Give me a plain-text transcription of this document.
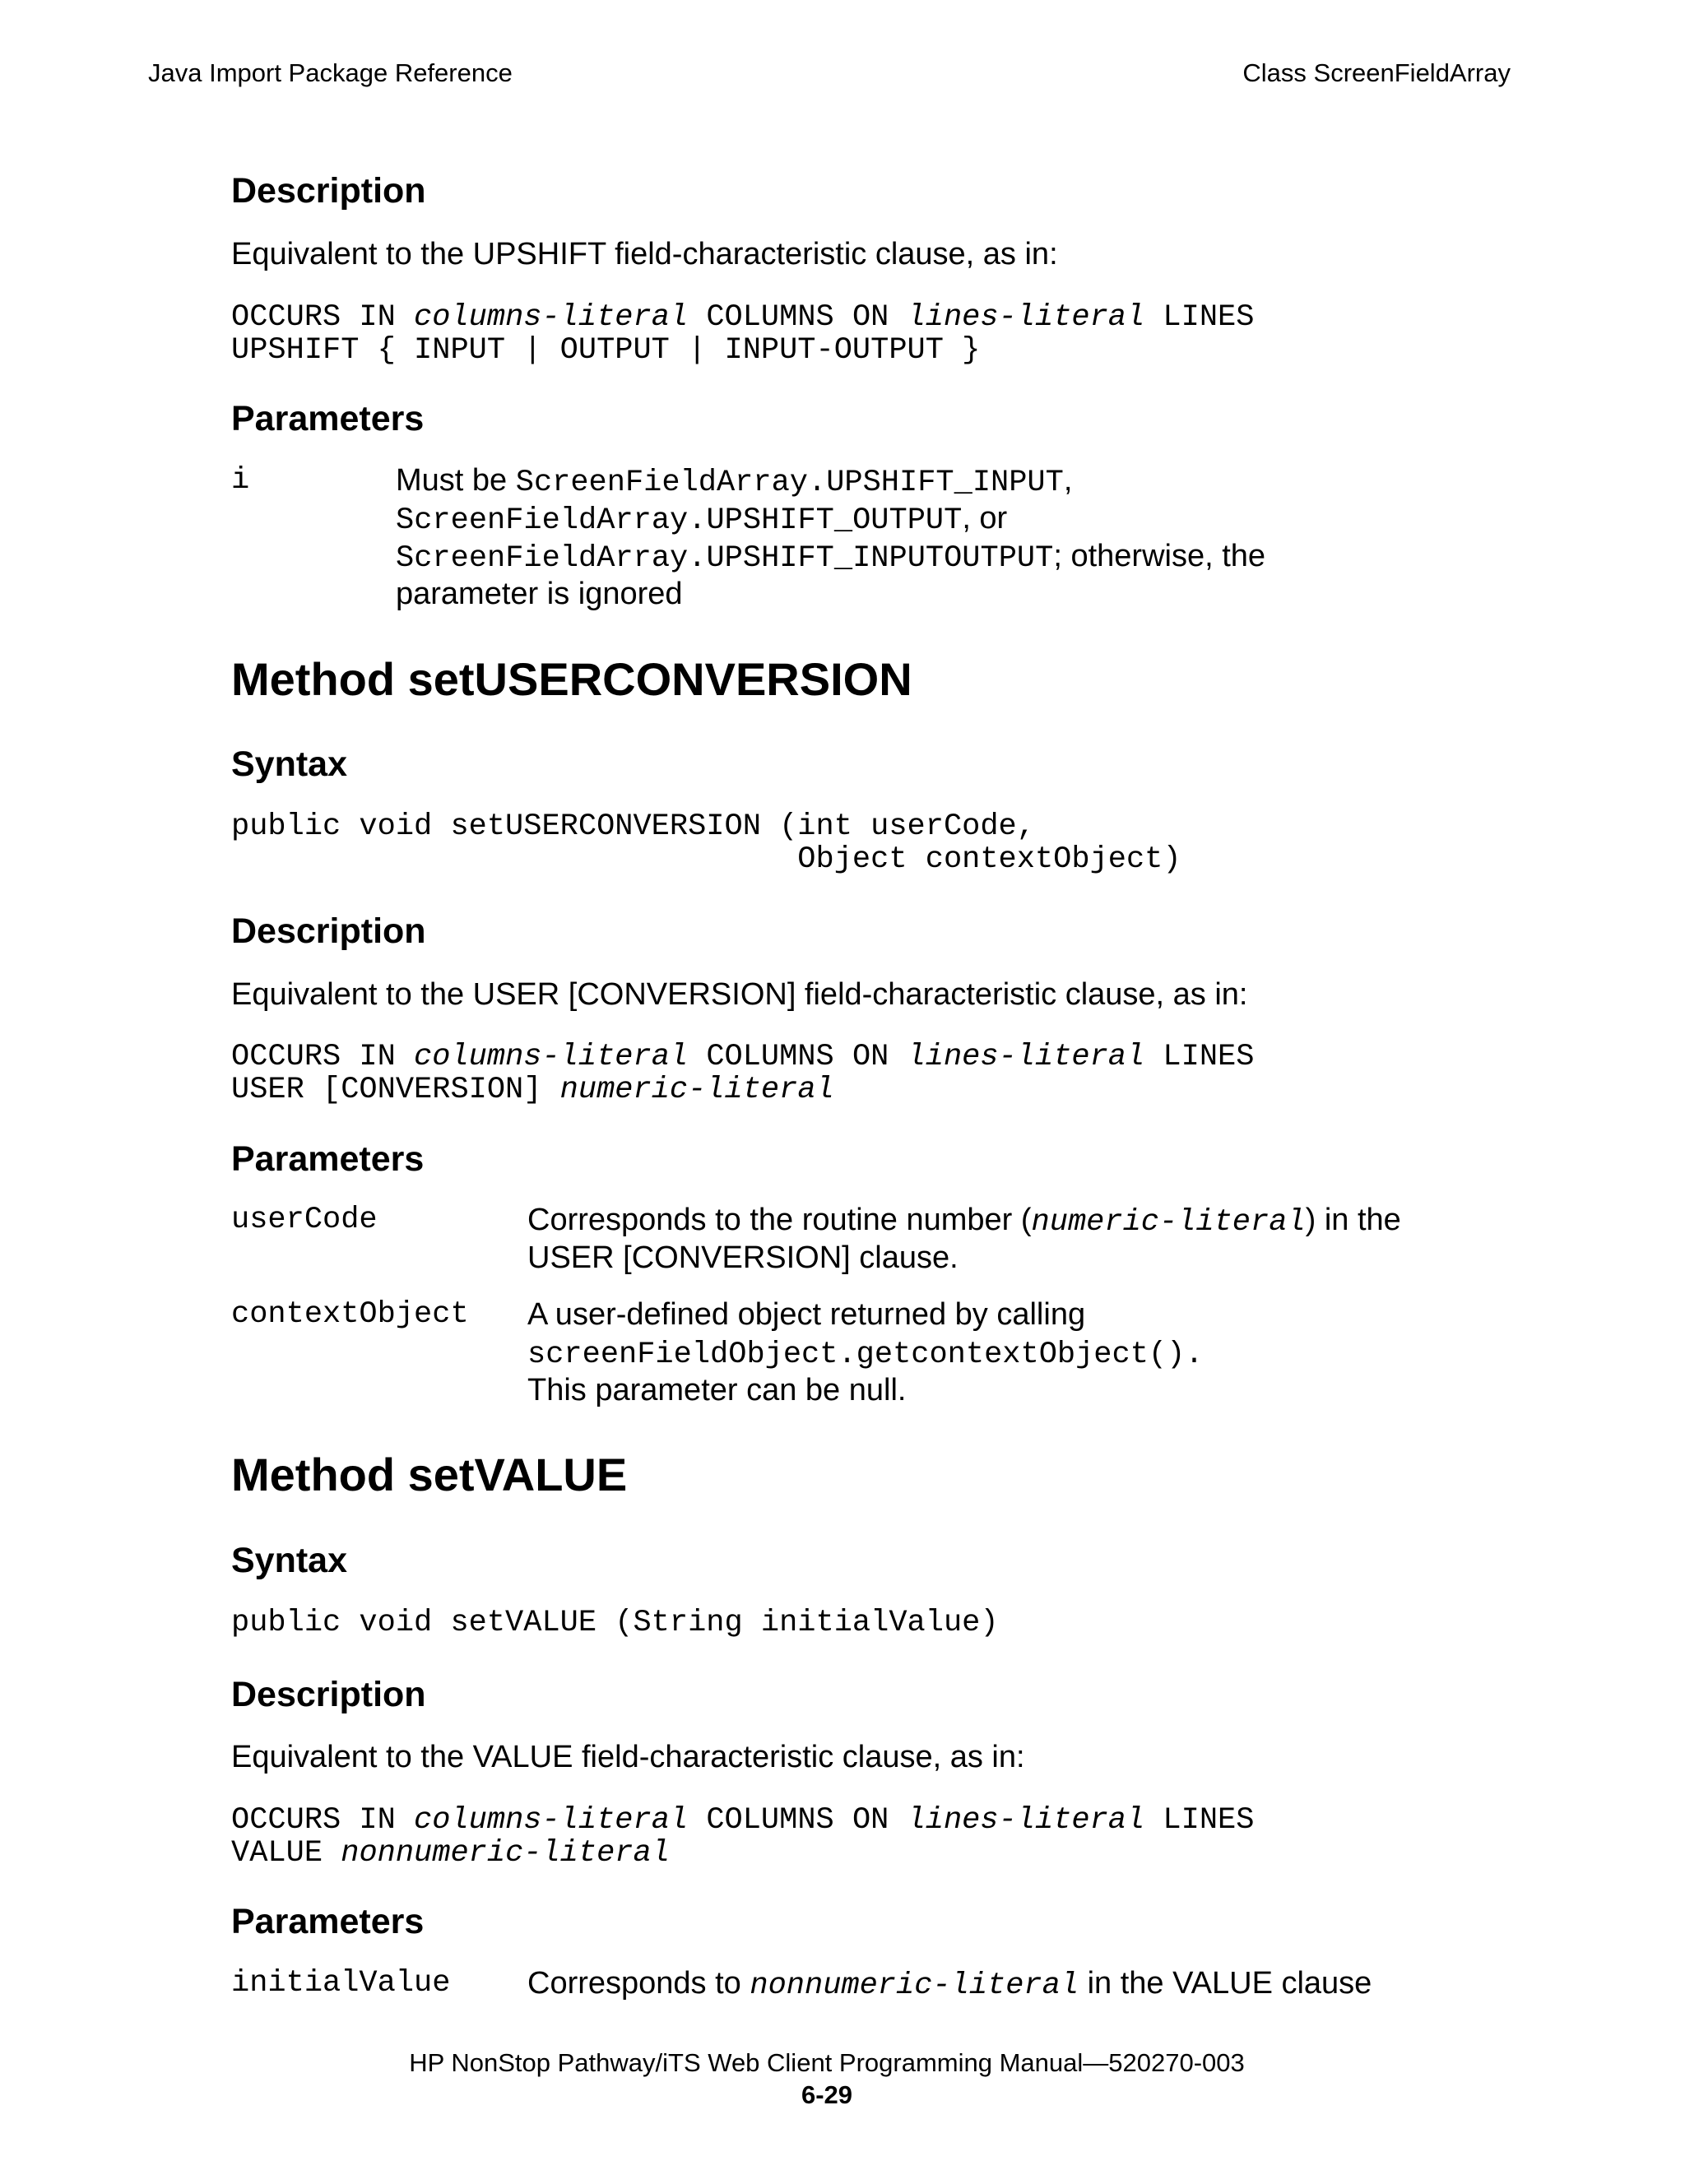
Java Import Package Reference	Class ScreenFieldArray
Description
Equivalent to the UPSHIFT field-characteristic clause, as in:
OCCURS IN columns-literal COLUMNS ON lines-literal LINES
UPSHIFT { INPUT | OUTPUT | INPUT-OUTPUT }
Parameters
i	Must be ScreenFieldArray.UPSHIFT_INPUT,
ScreenFieldArray.UPSHIFT_OUTPUT, or
ScreenFieldArray.UPSHIFT_INPUTOUTPUT; otherwise, the
parameter is ignored
Method setUSERCONVERSION
Syntax
public void setUSERCONVERSION (int userCode,
Object contextObject)
Description
Equivalent to the USER [CONVERSION] field-characteristic clause, as in:
OCCURS IN columns-literal COLUMNS ON lines-literal LINES
USER [CONVERSION] numeric-literal
Parameters
userCode	Corresponds to the routine number (numeric-literal) in the
USER [CONVERSION] clause.
contextObject A user-defined object returned by calling
screenFieldObject.getcontextObject().
This parameter can be null.
Method setVALUE
Syntax
public void setVALUE (String initialValue)
Description
Equivalent to the VALUE field-characteristic clause, as in:
OCCURS IN columns-literal COLUMNS ON lines-literal LINES
VALUE nonnumeric-literal
Parameters
initialValue Corresponds to nonnumeric-literal in the VALUE clause
HP NonStop Pathway/iTS Web Client Programming Manual—520270-003
6-29
